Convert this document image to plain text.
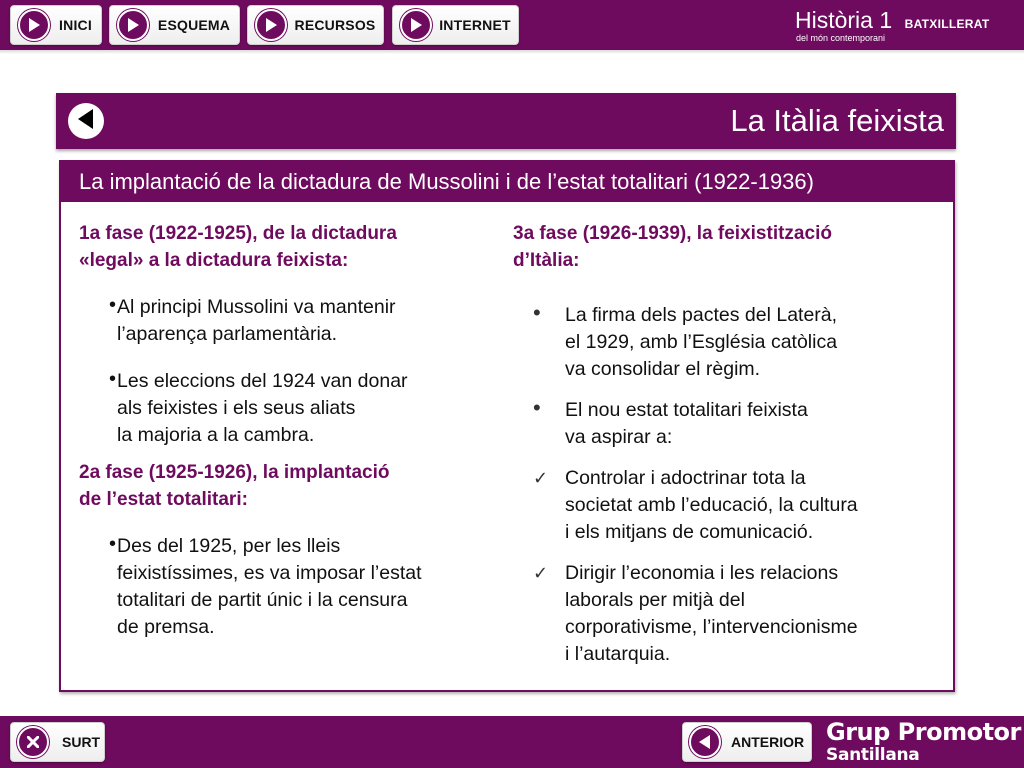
INICI	ESQUEMA	RECURSOS	INTERNET	Història 1 BATXILLERAT
del món contemporani
La Itàlia feixista
La implantació de la dictadura de Mussolini i de l’estat totalitari (1922-1936)

1a fase (1922-1925), de la dictadura
«legal» a la dictadura feixista:

• Al principi Mussolini va mantenir
l’aparença parlamentària.
• Les eleccions del 1924 van donar
als feixistes i els seus aliats
la majoria a la cambra.

2a fase (1925-1926), la implantació
de l’estat totalitari:

• Des del 1925, per les lleis
feixistíssimes, es va imposar l’estat
totalitari de partit únic i la censura
de premsa.

3a fase (1926-1939), la feixistització
d’Itàlia:

• La firma dels pactes del Laterà,
el 1929, amb l’Església catòlica
va consolidar el règim.
• El nou estat totalitari feixista
va aspirar a:
✓ Controlar i adoctrinar tota la
societat amb l’educació, la cultura
i els mitjans de comunicació.
✓ Dirigir l’economia i les relacions
laborals per mitjà del
corporativisme, l’intervencionisme
i l’autarquia.
SURT	ANTERIOR Grup Promotor
Santillana
